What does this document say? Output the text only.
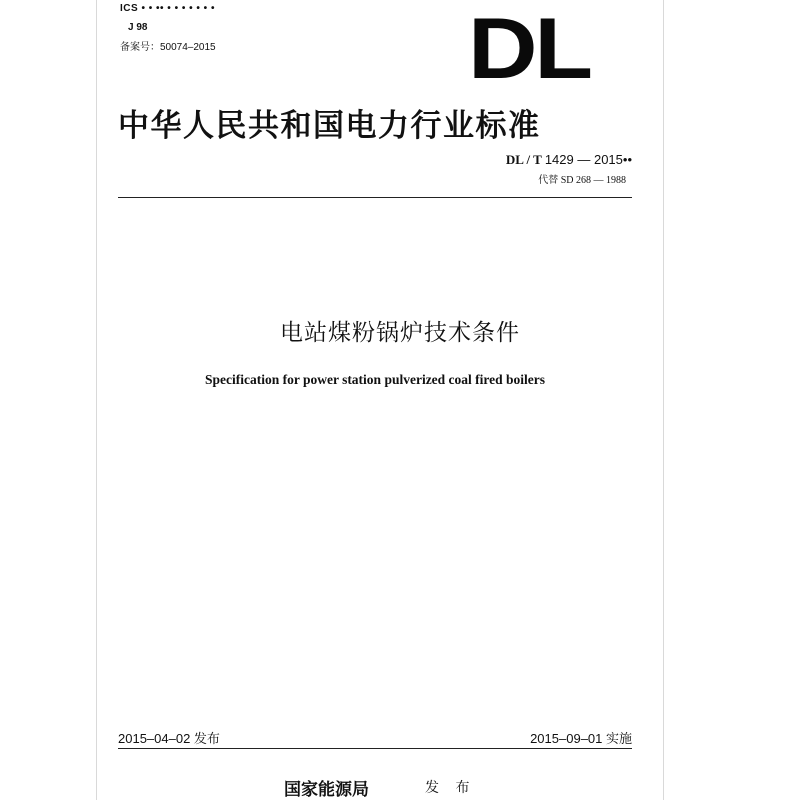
ICS • • •• • • • • • • •
J 98
备案号：50074–2015	DL
中华人民共和国电力行业标准
DL / T 1429 — 2015••
代替 SD 268 — 1988
电站煤粉锅炉技术条件
Specification for power station pulverized coal fired boilers
2015–04–02 发布	2015–09–01 实施
国家能源局	发 布
